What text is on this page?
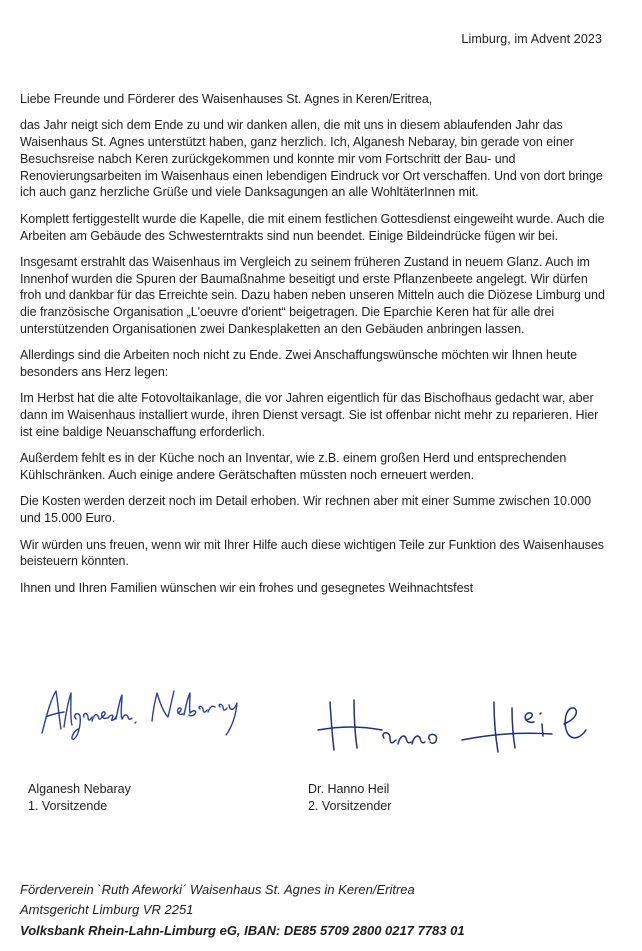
Limburg, im Advent 2023

Liebe Freunde und Förderer des Waisenhauses St. Agnes in Keren/Eritrea,

das Jahr neigt sich dem Ende zu und wir danken allen, die mit uns in diesem ablaufenden Jahr das Waisenhaus St. Agnes unterstützt haben, ganz herzlich. Ich, Alganesh Nebaray, bin gerade von einer Besuchsreise nabch Keren zurückgekommen und konnte mir vom Fortschritt der Bau- und Renovierungsarbeiten im Waisenhaus einen lebendigen Eindruck vor Ort verschaffen. Und von dort bringe ich auch ganz herzliche Grüße und viele Danksagungen an alle WohltäterInnen mit.

Komplett fertiggestellt wurde die Kapelle, die mit einem festlichen Gottesdienst eingeweiht wurde. Auch die Arbeiten am Gebäude des Schwesterntrakts sind nun beendet. Einige Bildeindrücke fügen wir bei.

Insgesamt erstrahlt das Waisenhaus im Vergleich zu seinem früheren Zustand in neuem Glanz. Auch im Innenhof wurden die Spuren der Baumaßnahme beseitigt und erste Pflanzenbeete angelegt. Wir dürfen froh und dankbar für das Erreichte sein. Dazu haben neben unseren Mitteln auch die Diözese Limburg und die französische Organisation „L'oeuvre d'orient“ beigetragen. Die Eparchie Keren hat für alle drei unterstützenden Organisationen zwei Dankesplaketten an den Gebäuden anbringen lassen.

Allerdings sind die Arbeiten noch nicht zu Ende. Zwei Anschaffungswünsche möchten wir Ihnen heute besonders ans Herz legen:

Im Herbst hat die alte Fotovoltaikanlage, die vor Jahren eigentlich für das Bischofhaus gedacht war, aber dann im Waisenhaus installiert wurde, ihren Dienst versagt. Sie ist offenbar nicht mehr zu reparieren. Hier ist eine baldige Neuanschaffung erforderlich.

Außerdem fehlt es in der Küche noch an Inventar, wie z.B. einem großen Herd und entsprechenden Kühlschränken. Auch einige andere Gerätschaften müssten noch erneuert werden.

Die Kosten werden derzeit noch im Detail erhoben. Wir rechnen aber mit einer Summe zwischen 10.000 und 15.000 Euro.

Wir würden uns freuen, wenn wir mit Ihrer Hilfe auch diese wichtigen Teile zur Funktion des Waisenhauses beisteuern könnten.

Ihnen und Ihren Familien wünschen wir ein frohes und gesegnetes Weihnachtsfest

Alganesh Nebaray
1. Vorsitzende
Dr. Hanno Heil
2. Vorsitzender
Förderverein `Ruth Afeworki´ Waisenhaus St. Agnes in Keren/Eritrea
Amtsgericht Limburg VR 2251
Volksbank Rhein-Lahn-Limburg eG, IBAN: DE85 5709 2800 0217 7783 01
